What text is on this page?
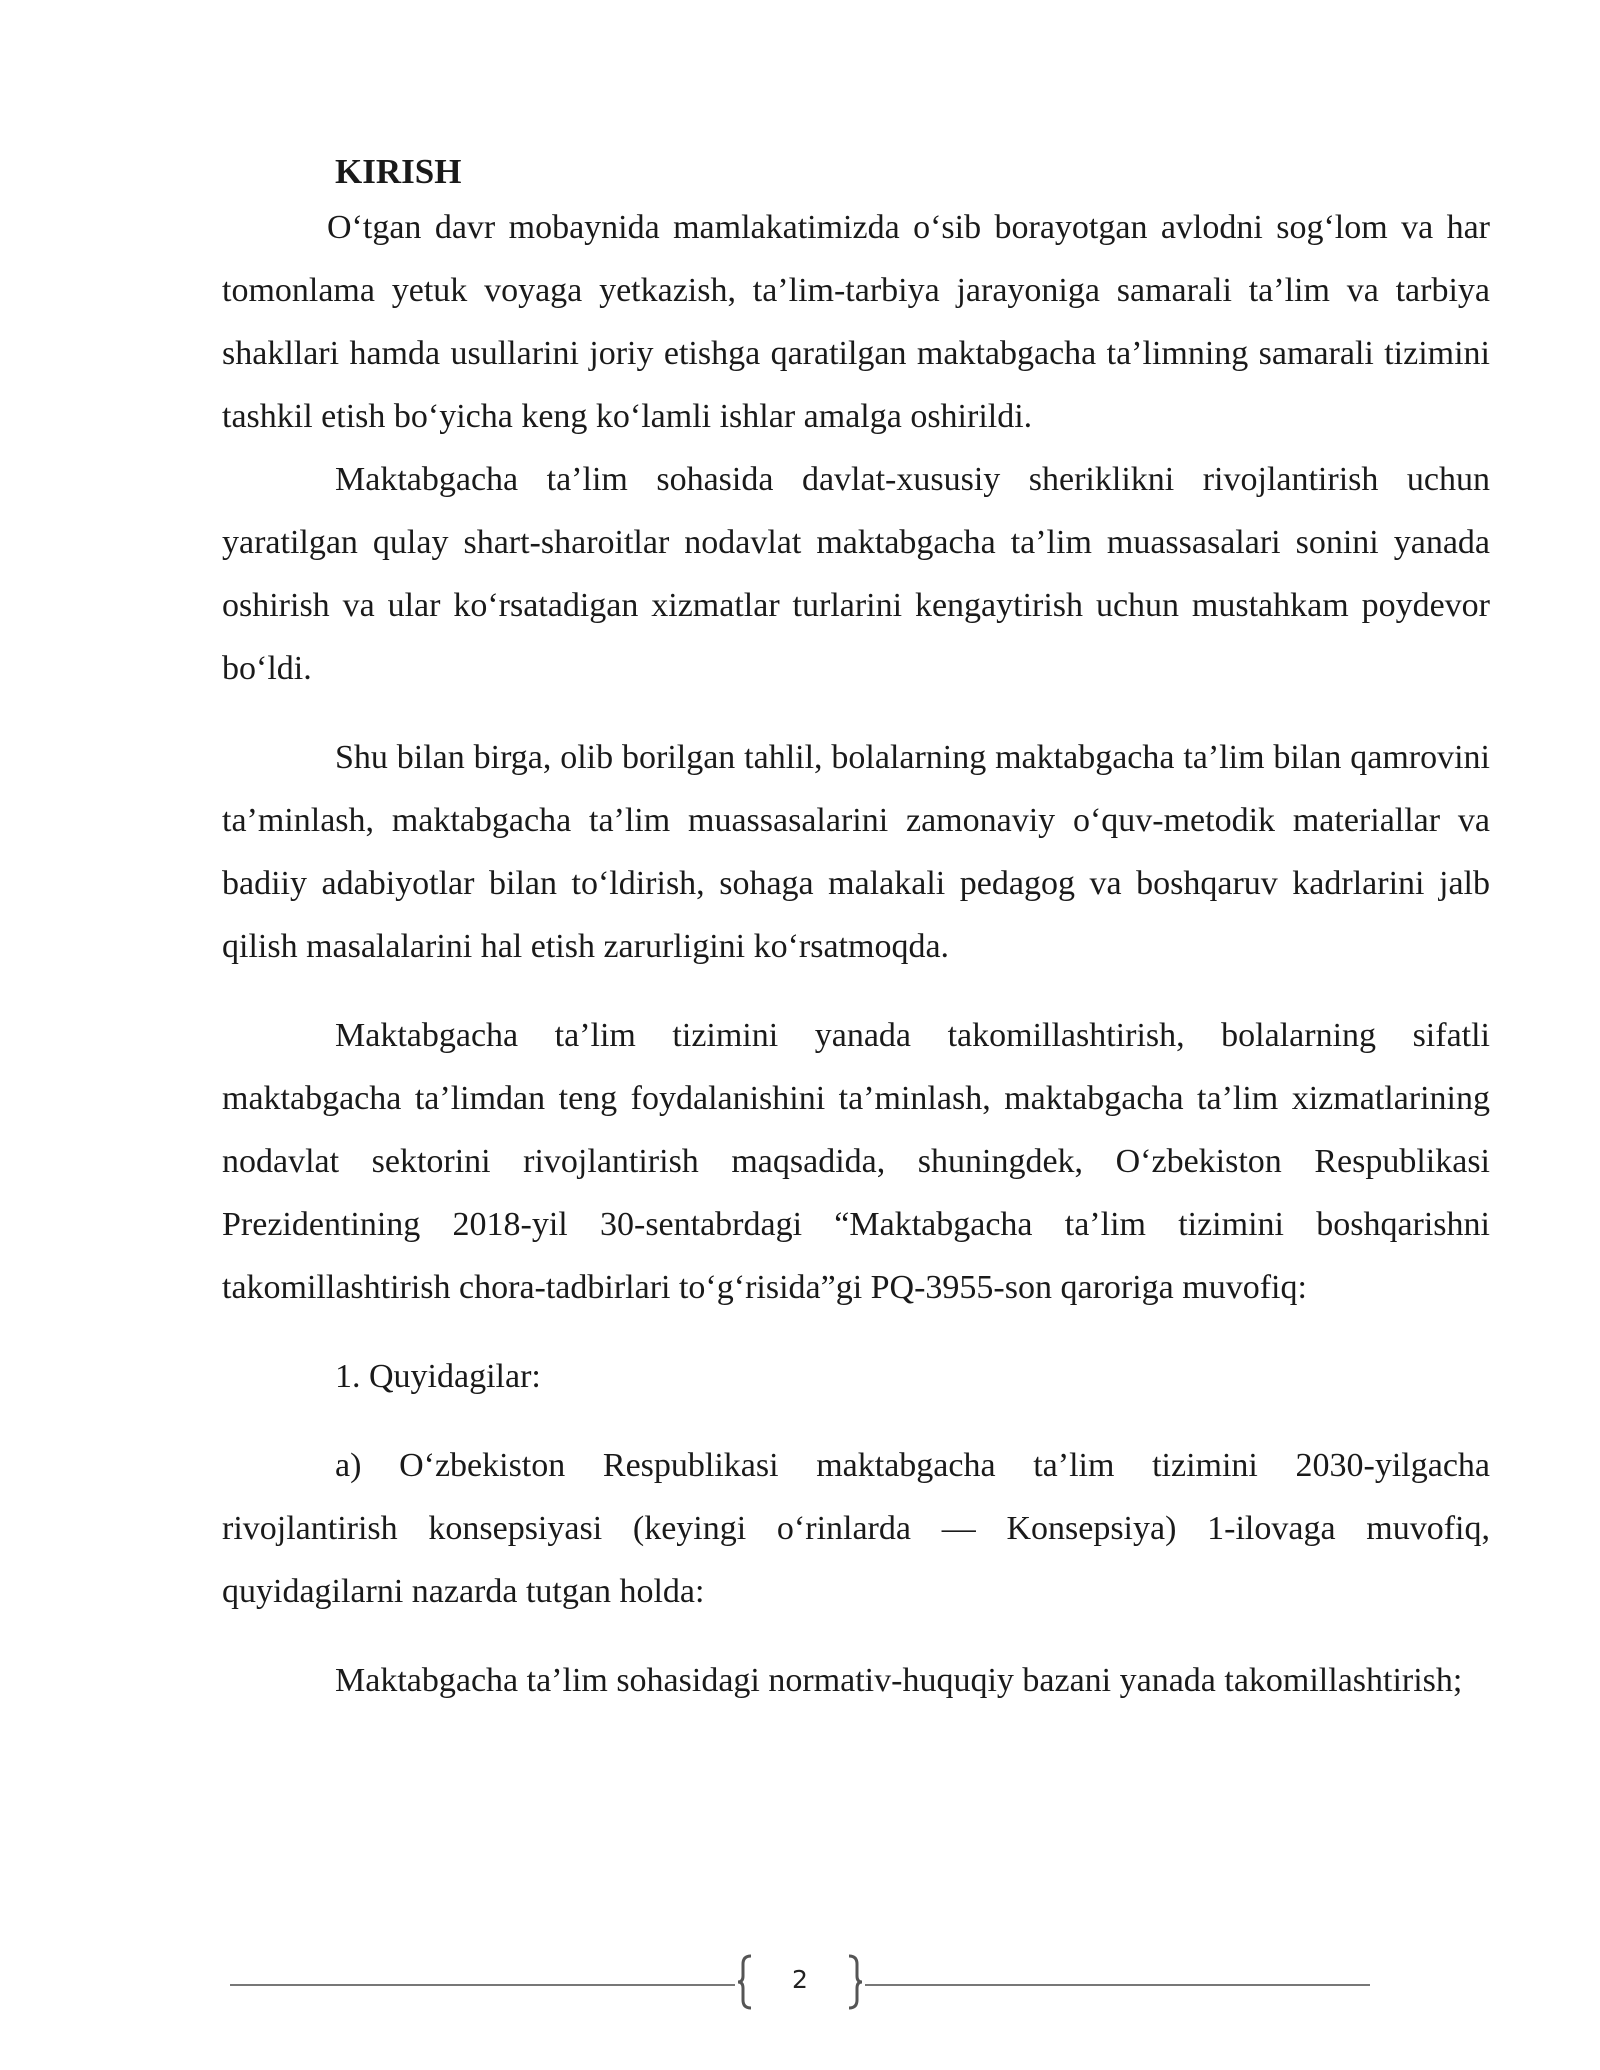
KIRISH

O‘tgan davr mobaynida mamlakatimizda o‘sib borayotgan avlodni sog‘lom va har tomonlama yetuk voyaga yetkazish, ta’lim-tarbiya jarayoniga samarali ta’lim va tarbiya shakllari hamda usullarini joriy etishga qaratilgan maktabgacha ta’limning samarali tizimini tashkil etish bo‘yicha keng ko‘lamli ishlar amalga oshirildi.

Maktabgacha ta’lim sohasida davlat-xususiy sheriklikni rivojlantirish uchun yaratilgan qulay shart-sharoitlar nodavlat maktabgacha ta’lim muassasalari sonini yanada oshirish va ular ko‘rsatadigan xizmatlar turlarini kengaytirish uchun mustahkam poydevor bo‘ldi.

Shu bilan birga, olib borilgan tahlil, bolalarning maktabgacha ta’lim bilan qamrovini ta’minlash, maktabgacha ta’lim muassasalarini zamonaviy o‘quv-metodik materiallar va badiiy adabiyotlar bilan to‘ldirish, sohaga malakali pedagog va boshqaruv kadrlarini jalb qilish masalalarini hal etish zarurligini ko‘rsatmoqda.

Maktabgacha ta’lim tizimini yanada takomillashtirish, bolalarning sifatli maktabgacha ta’limdan teng foydalanishini ta’minlash, maktabgacha ta’lim xizmatlarining nodavlat sektorini rivojlantirish maqsadida, shuningdek, O‘zbekiston Respublikasi Prezidentining 2018-yil 30-sentabrdagi “Maktabgacha ta’lim tizimini boshqarishni takomillashtirish chora-tadbirlari to‘g‘risida”gi PQ-3955-son qaroriga muvofiq:

1. Quyidagilar:

a) O‘zbekiston Respublikasi maktabgacha ta’lim tizimini 2030-yilgacha rivojlantirish konsepsiyasi (keyingi o‘rinlarda — Konsepsiya) 1-ilovaga muvofiq, quyidagilarni nazarda tutgan holda:

Maktabgacha ta’lim sohasidagi normativ-huquqiy bazani yanada takomillashtirish;

2
